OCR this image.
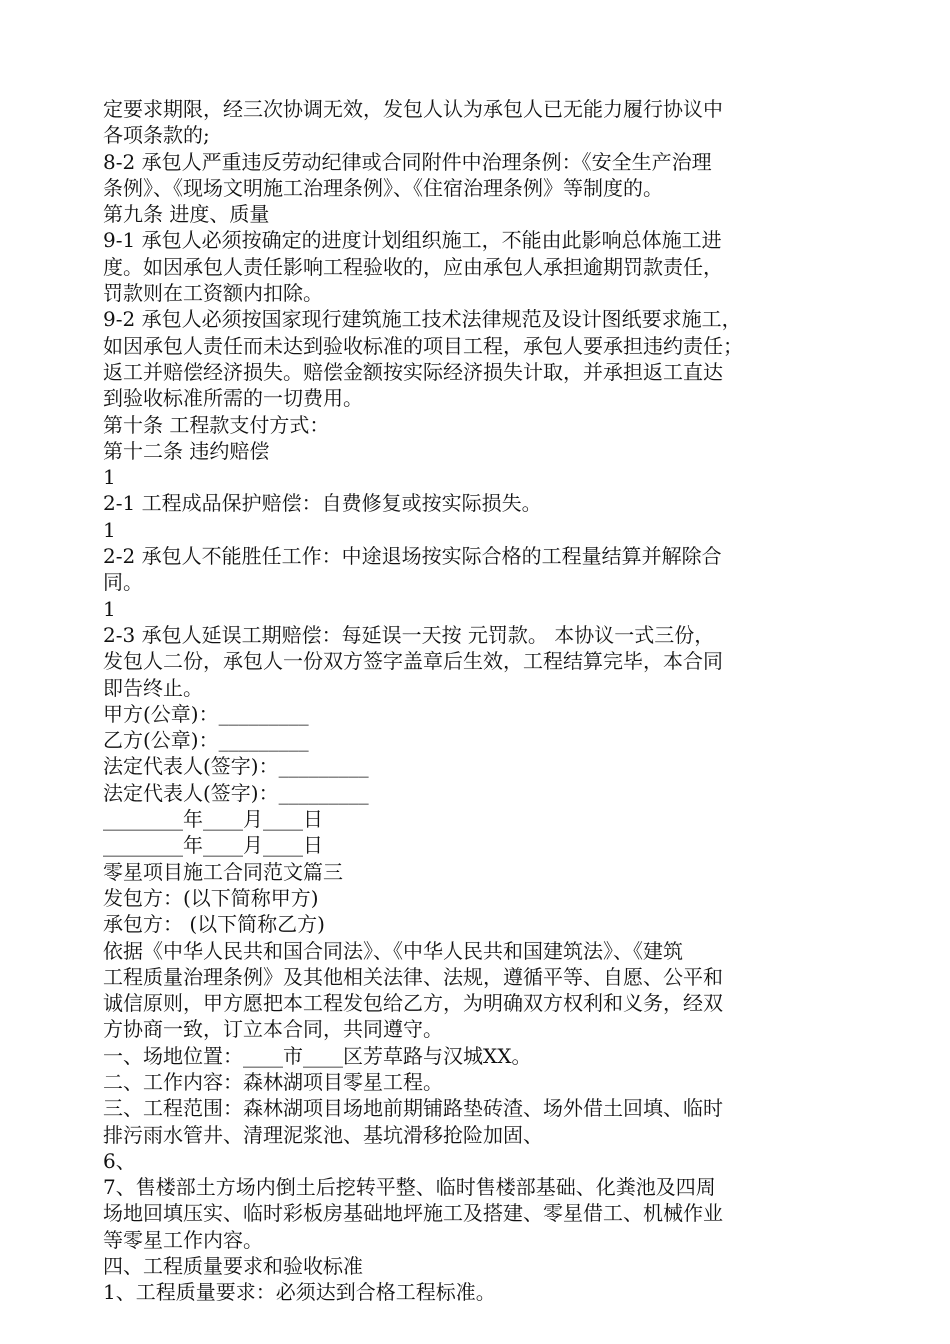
定要求期限，经三次协调无效，发包人认为承包人已无能力履行协议中
各项条款的;
8-2 承包人严重违反劳动纪律或合同附件中治理条例：《安全生产治理
条例》、《现场文明施工治理条例》、《住宿治理条例》等制度的。
第九条 进度、质量
9-1 承包人必须按确定的进度计划组织施工，不能由此影响总体施工进
度。如因承包人责任影响工程验收的，应由承包人承担逾期罚款责任，
罚款则在工资额内扣除。
9-2 承包人必须按国家现行建筑施工技术法律规范及设计图纸要求施工，
如因承包人责任而未达到验收标准的项目工程，承包人要承担违约责任；
返工并赔偿经济损失。赔偿金额按实际经济损失计取，并承担返工直达
到验收标准所需的一切费用。
第十条 工程款支付方式：
第十二条 违约赔偿
1
2-1 工程成品保护赔偿：自费修复或按实际损失。
1
2-2 承包人不能胜任工作：中途退场按实际合格的工程量结算并解除合
同。
1
2-3 承包人延误工期赔偿：每延误一天按 元罚款。 本协议一式三份，
发包人二份，承包人一份双方签字盖章后生效，工程结算完毕，本合同
即告终止。
甲方(公章)：_________
乙方(公章)：_________
法定代表人(签字)：_________
法定代表人(签字)：_________
________年____月____日
________年____月____日
零星项目施工合同范文篇三
发包方：(以下简称甲方)
承包方： (以下简称乙方)
依据《中华人民共和国合同法》、《中华人民共和国建筑法》、《建筑
工程质量治理条例》及其他相关法律、法规，遵循平等、自愿、公平和
诚信原则，甲方愿把本工程发包给乙方，为明确双方权利和义务，经双
方协商一致，订立本合同，共同遵守。
一、场地位置：____市____区芳草路与汉城XX。
二、工作内容：森林湖项目零星工程。
三、工程范围：森林湖项目场地前期铺路垫砖渣、场外借土回填、临时
排污雨水管井、清理泥浆池、基坑滑移抢险加固、
6、
7、售楼部土方场内倒土后挖转平整、临时售楼部基础、化粪池及四周
场地回填压实、临时彩板房基础地坪施工及搭建、零星借工、机械作业
等零星工作内容。
四、工程质量要求和验收标准
1、工程质量要求：必须达到合格工程标准。
